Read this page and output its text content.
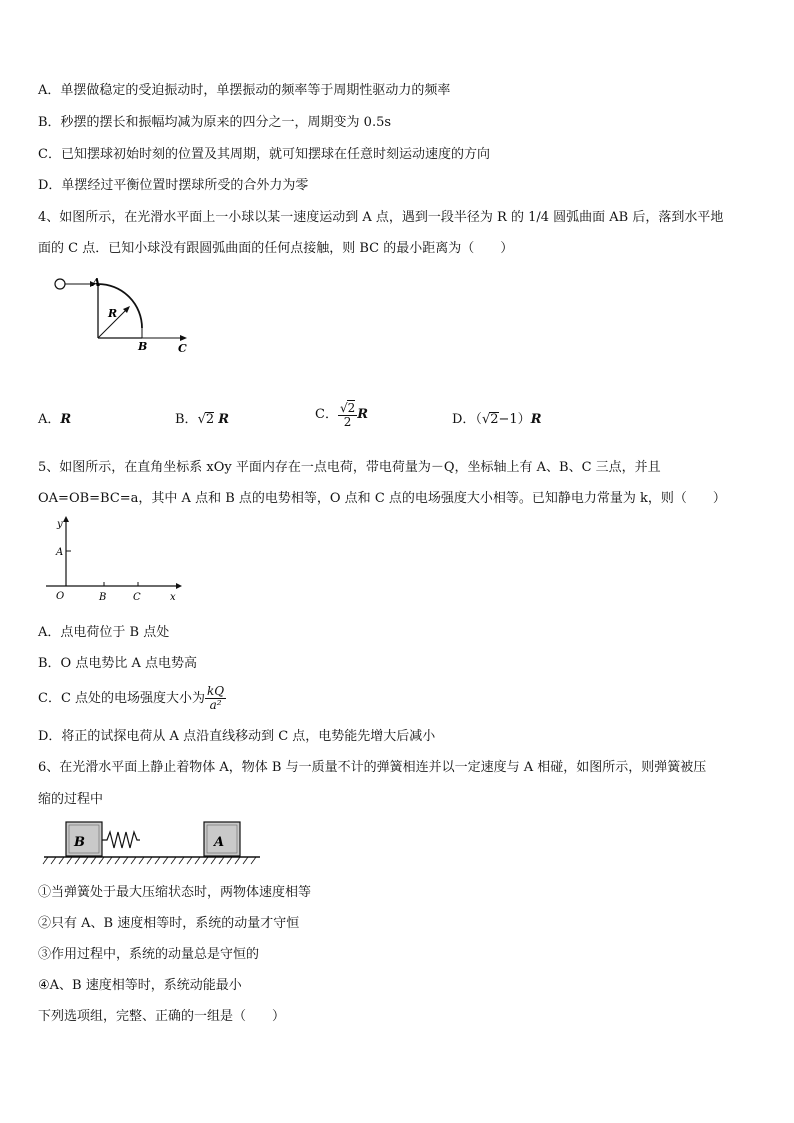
A．单摆做稳定的受迫振动时，单摆振动的频率等于周期性驱动力的频率
B．秒摆的摆长和振幅均减为原来的四分之一，周期变为 0.5s
C．已知摆球初始时刻的位置及其周期，就可知摆球在任意时刻运动速度的方向
D．单摆经过平衡位置时摆球所受的合外力为零
4、如图所示，在光滑水平面上一小球以某一速度运动到 A 点，遇到一段半径为 R 的 1/4 圆弧曲面 AB 后，落到水平地
面的 C 点．已知小球没有跟圆弧曲面的任何点接触，则 BC 的最小距离为（　　）
A
R
B	C
A．R	B．√2 R	C． $\frac{√2}{2}$ R	D．（√2−1）R
5、如图所示，在直角坐标系 xOy 平面内存在一点电荷，带电荷量为－Q，坐标轴上有 A、B、C 三点，并且
OA=OB=BC=a，其中 A 点和 B 点的电势相等，O 点和 C 点的电场强度大小相等。已知静电力常量为 k，则（　　）
y
A
O	B	C	x
A．点电荷位于 B 点处
B．O 点电势比 A 点电势高
C．C 点处的电场强度大小为 $\frac{kQ}{\text{a²}}$
D．将正的试探电荷从 A 点沿直线移动到 C 点，电势能先增大后减小
6、在光滑水平面上静止着物体 A，物体 B 与一质量不计的弹簧相连并以一定速度与 A 相碰，如图所示，则弹簧被压
缩的过程中
B	A
①当弹簧处于最大压缩状态时，两物体速度相等
②只有 A、B 速度相等时，系统的动量才守恒
③作用过程中，系统的动量总是守恒的
④A、B 速度相等时，系统动能最小
下列选项组，完整、正确的一组是（　　）
